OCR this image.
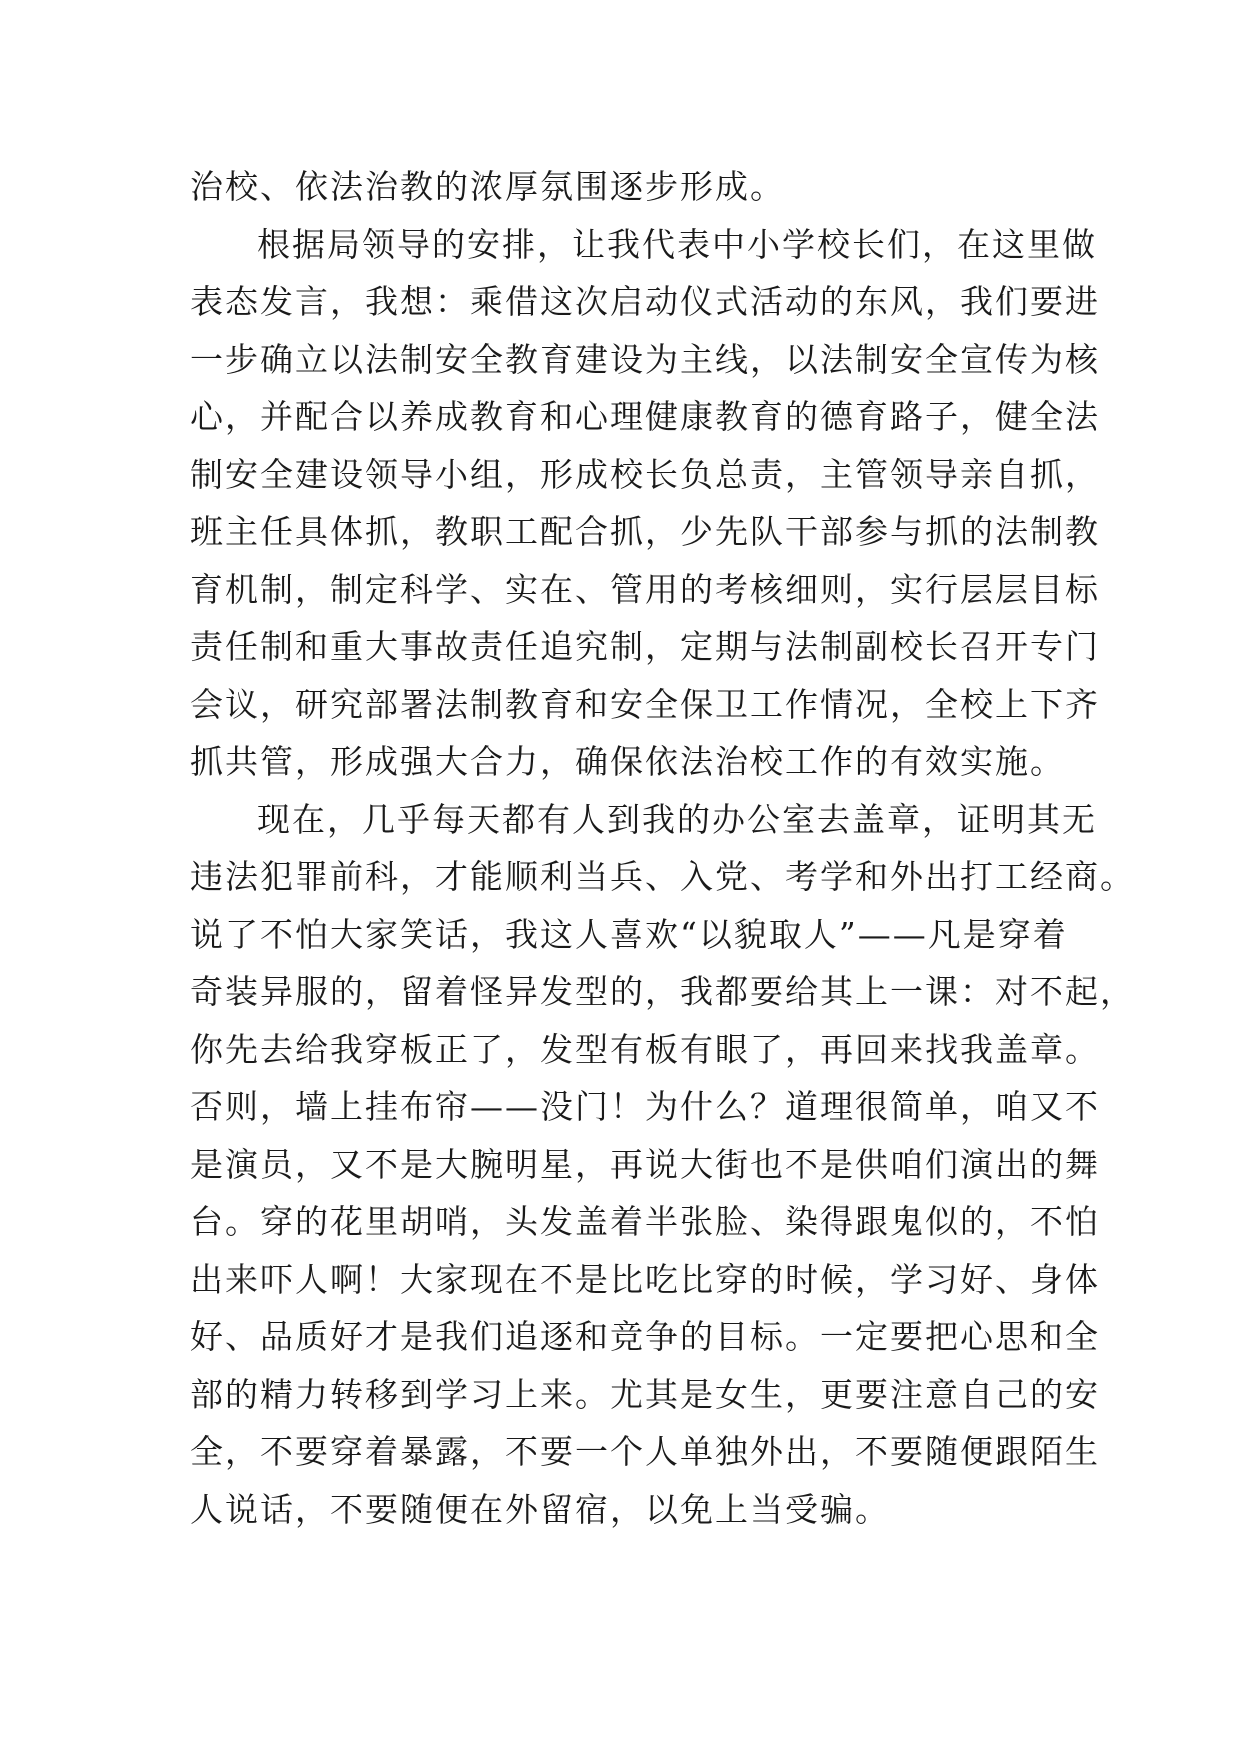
治校、依法治教的浓厚氛围逐步形成。
根据局领导的安排，让我代表中小学校长们，在这里做
表态发言，我想：乘借这次启动仪式活动的东风，我们要进
一步确立以法制安全教育建设为主线，以法制安全宣传为核
心，并配合以养成教育和心理健康教育的德育路子，健全法
制安全建设领导小组，形成校长负总责，主管领导亲自抓，
班主任具体抓，教职工配合抓，少先队干部参与抓的法制教
育机制，制定科学、实在、管用的考核细则，实行层层目标
责任制和重大事故责任追究制，定期与法制副校长召开专门
会议，研究部署法制教育和安全保卫工作情况，全校上下齐
抓共管，形成强大合力，确保依法治校工作的有效实施。
现在，几乎每天都有人到我的办公室去盖章，证明其无
违法犯罪前科，才能顺利当兵、入党、考学和外出打工经商。
说了不怕大家笑话，我这人喜欢“以貌取人”——凡是穿着
奇装异服的，留着怪异发型的，我都要给其上一课：对不起，
你先去给我穿板正了，发型有板有眼了，再回来找我盖章。
否则，墙上挂布帘——没门！为什么？道理很简单，咱又不
是演员，又不是大腕明星，再说大街也不是供咱们演出的舞
台。穿的花里胡哨，头发盖着半张脸、染得跟鬼似的，不怕
出来吓人啊！大家现在不是比吃比穿的时候，学习好、身体
好、品质好才是我们追逐和竞争的目标。一定要把心思和全
部的精力转移到学习上来。尤其是女生，更要注意自己的安
全，不要穿着暴露，不要一个人单独外出，不要随便跟陌生
人说话，不要随便在外留宿，以免上当受骗。
